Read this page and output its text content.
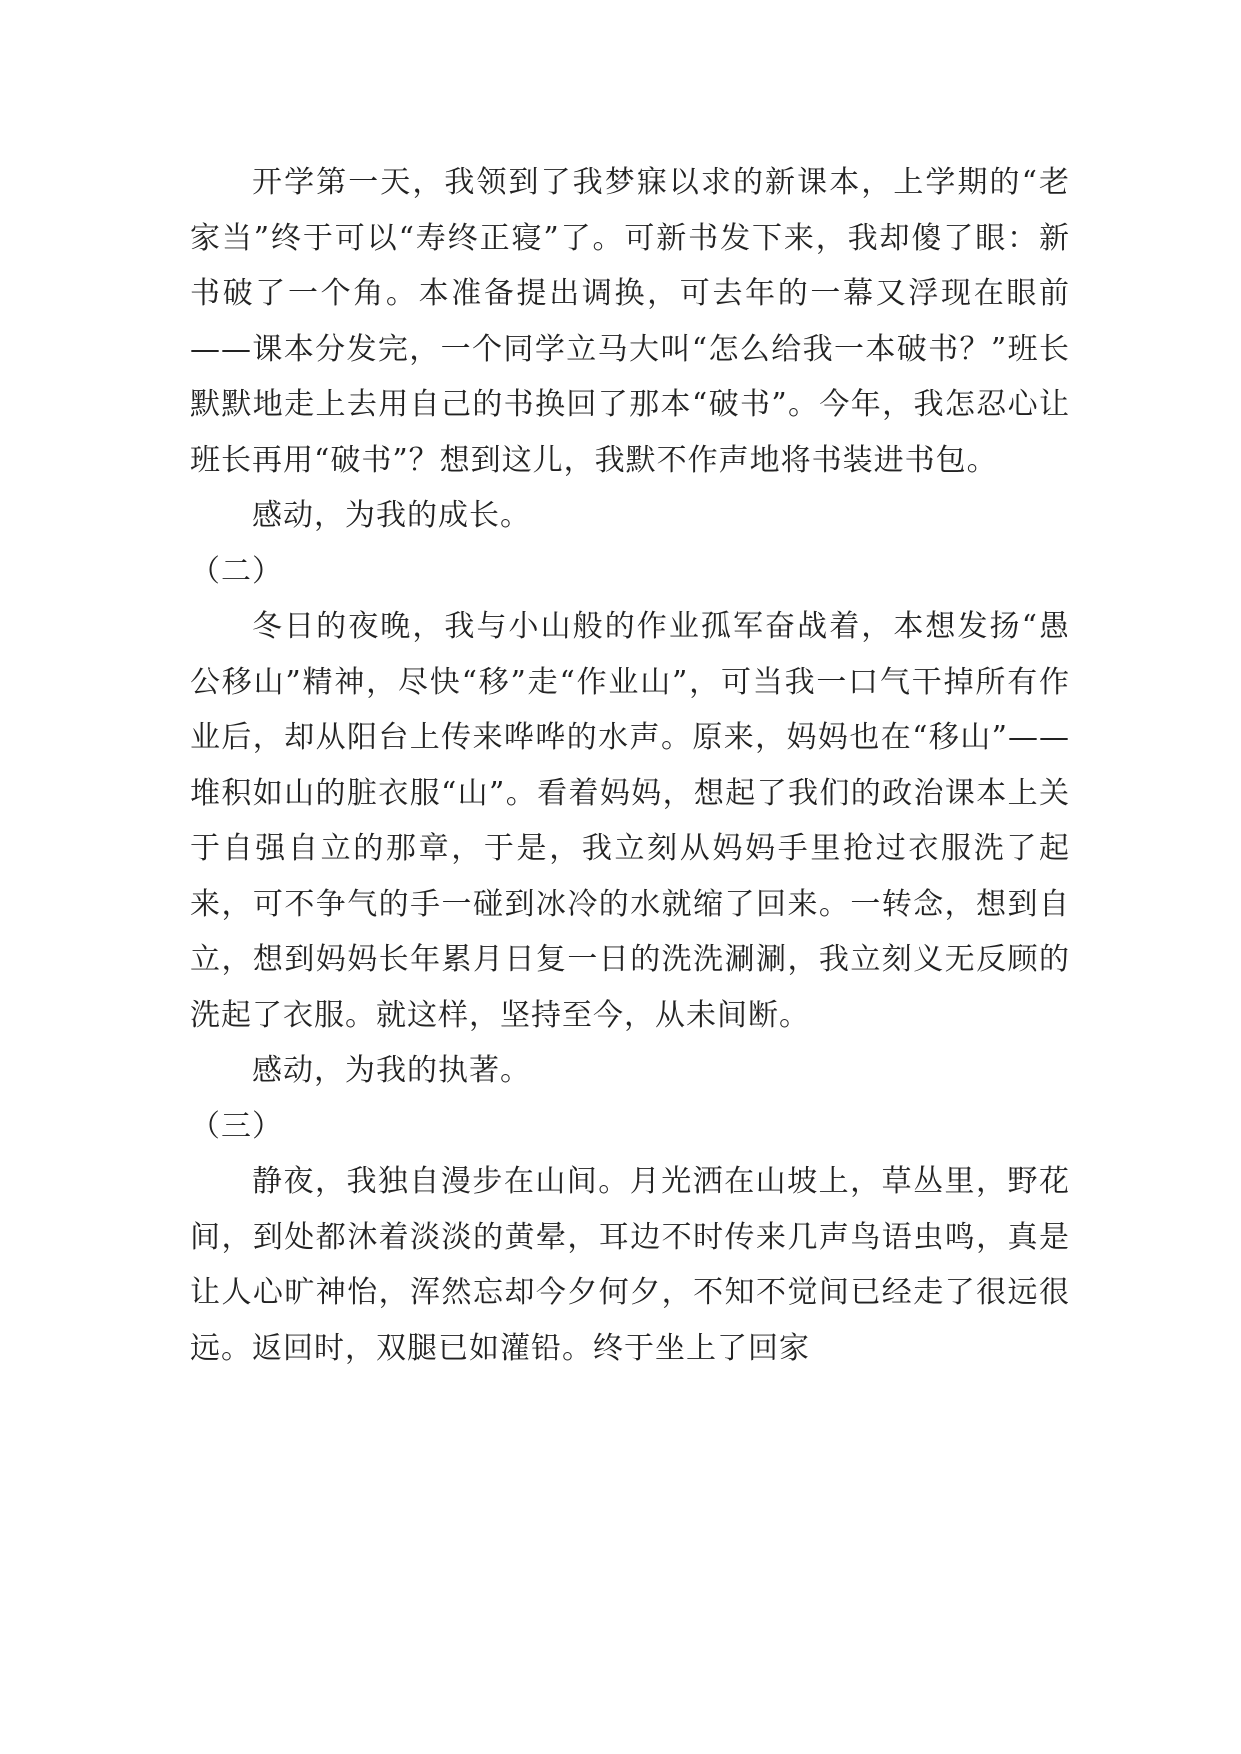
开学第一天，我领到了我梦寐以求的新课本，上学期的“老家当”终于可以“寿终正寝”了。可新书发下来，我却傻了眼：新书破了一个角。本准备提出调换，可去年的一幕又浮现在眼前——课本分发完，一个同学立马大叫“怎么给我一本破书？”班长默默地走上去用自己的书换回了那本“破书”。今年，我怎忍心让班长再用“破书”？想到这儿，我默不作声地将书装进书包。

感动，为我的成长。

（二）

冬日的夜晚，我与小山般的作业孤军奋战着，本想发扬“愚公移山”精神，尽快“移”走“作业山”，可当我一口气干掉所有作业后，却从阳台上传来哗哗的水声。原来，妈妈也在“移山”——堆积如山的脏衣服“山”。看着妈妈，想起了我们的政治课本上关于自强自立的那章，于是，我立刻从妈妈手里抢过衣服洗了起来，可不争气的手一碰到冰冷的水就缩了回来。一转念，想到自立，想到妈妈长年累月日复一日的洗洗涮涮，我立刻义无反顾的洗起了衣服。就这样，坚持至今，从未间断。

感动，为我的执著。

（三）

静夜，我独自漫步在山间。月光洒在山坡上，草丛里，野花间，到处都沐着淡淡的黄晕，耳边不时传来几声鸟语虫鸣，真是让人心旷神怡，浑然忘却今夕何夕，不知不觉间已经走了很远很远。返回时，双腿已如灌铅。终于坐上了回家
